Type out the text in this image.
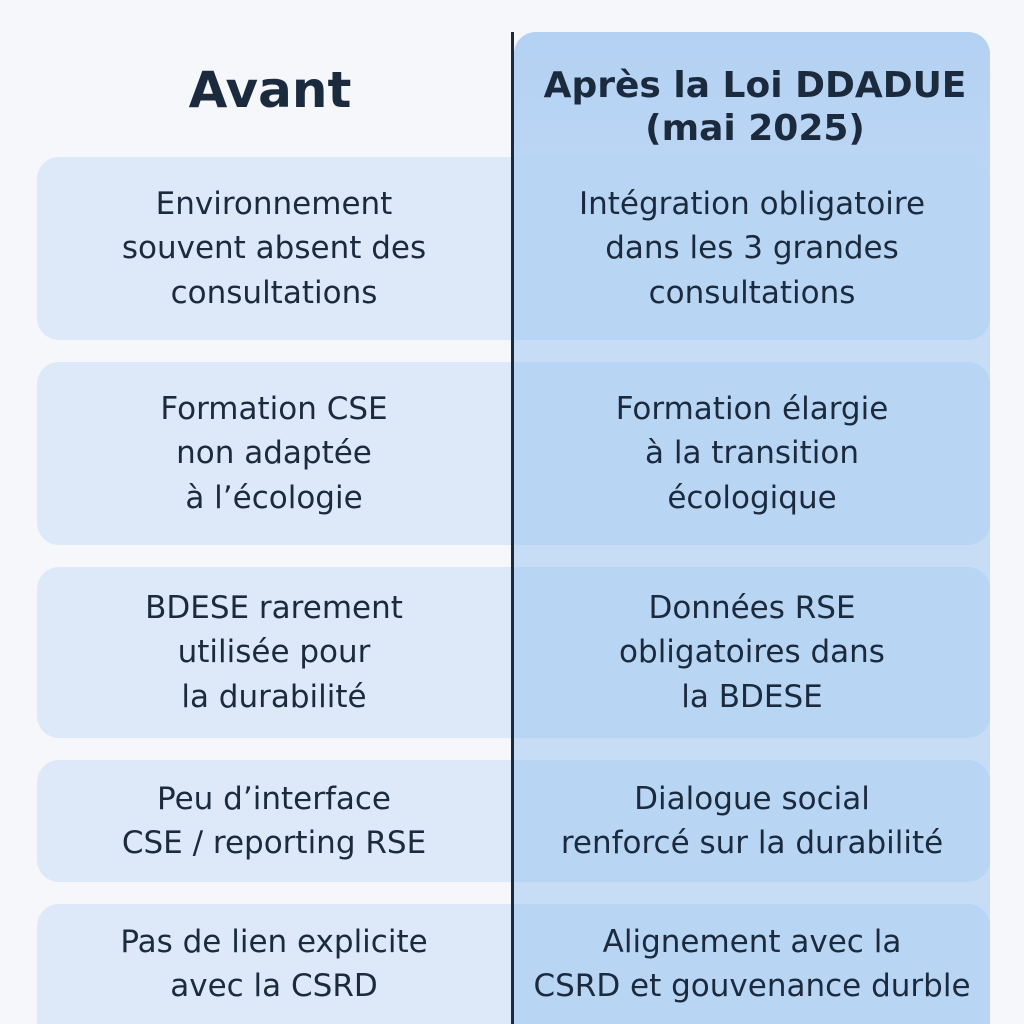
Avant	Après la Loi DDADUE
(mai 2025)
Environnement
souvent absent des
consultations
Intégration obligatoire
dans les 3 grandes
consultations
Formation CSE
non adaptée
à l’écologie
Formation élargie
à la transition
écologique
BDESE rarement
utilisée pour
la durabilité
Données RSE
obligatoires dans
la BDESE
Peu d’interface
CSE / reporting RSE
Dialogue social
renforcé sur la durabilité
Pas de lien explicite
avec la CSRD
Alignement avec la
CSRD et gouvenance durble
